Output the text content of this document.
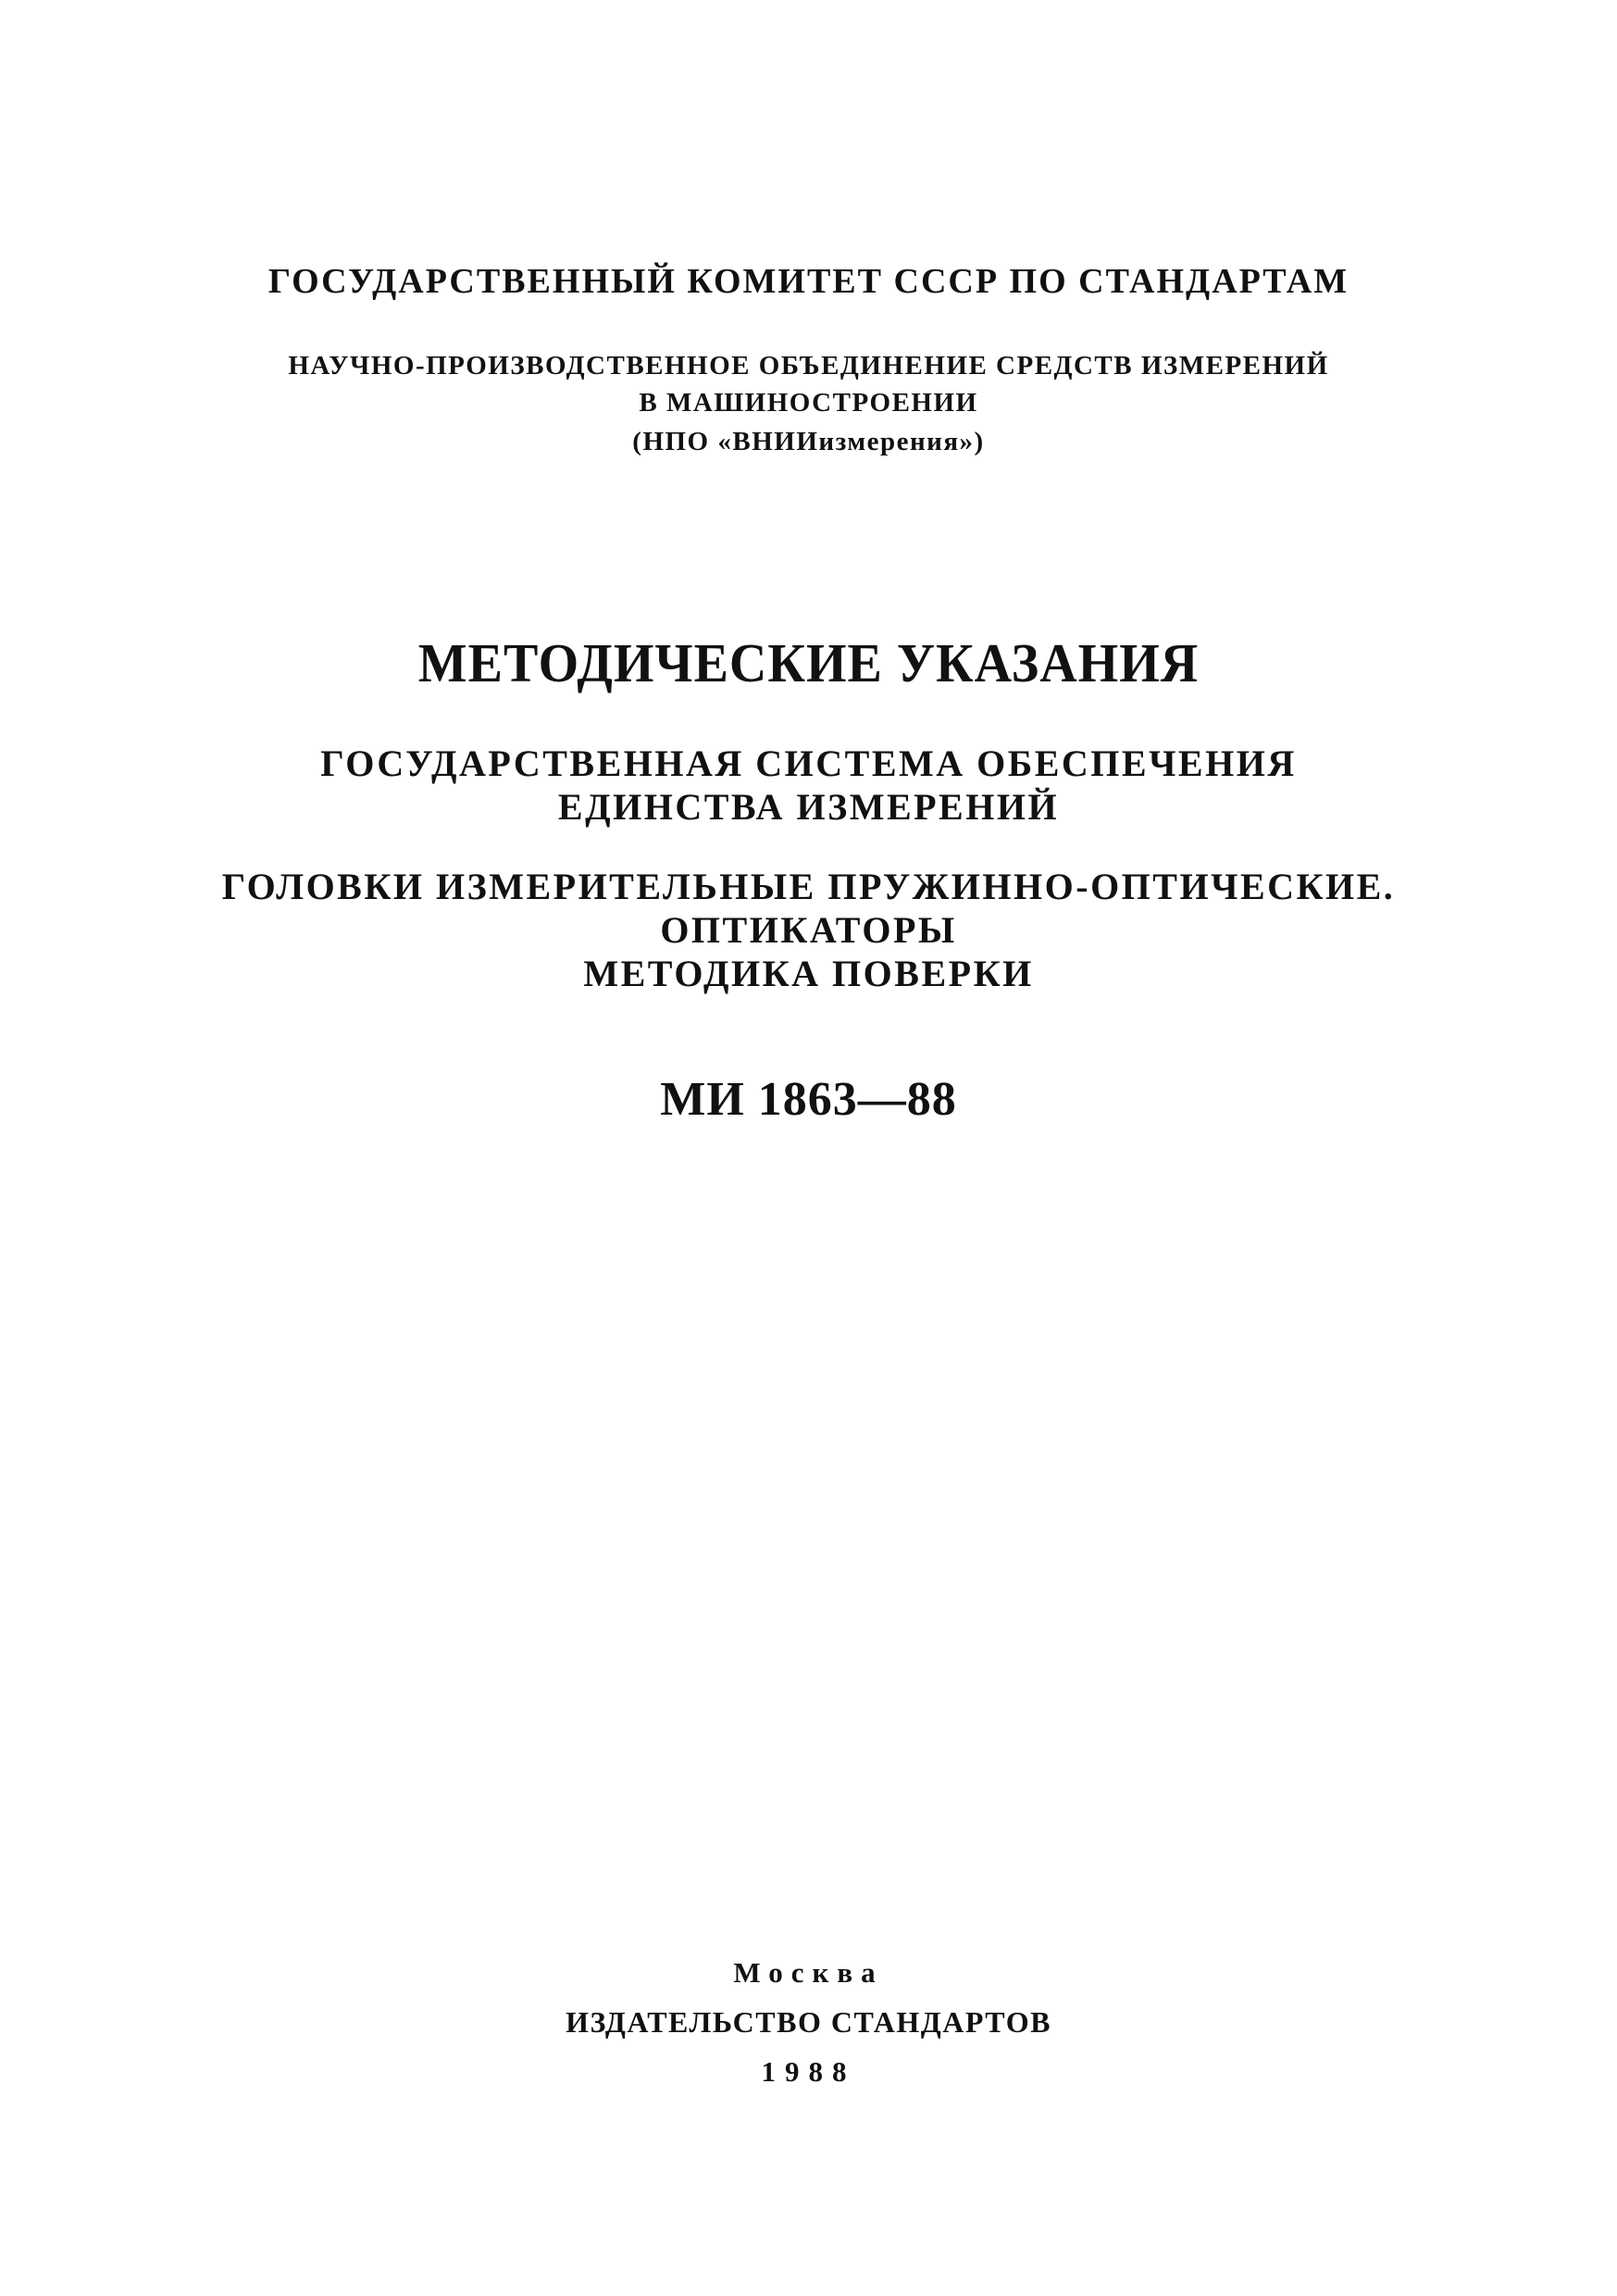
ГОСУДАРСТВЕННЫЙ КОМИТЕТ СССР ПО СТАНДАРТАМ
НАУЧНО-ПРОИЗВОДСТВЕННОЕ ОБЪЕДИНЕНИЕ СРЕДСТВ ИЗМЕРЕНИЙ
В МАШИНОСТРОЕНИИ
(НПО «ВНИИизмерения»)
МЕТОДИЧЕСКИЕ УКАЗАНИЯ
ГОСУДАРСТВЕННАЯ СИСТЕМА ОБЕСПЕЧЕНИЯ
ЕДИНСТВА ИЗМЕРЕНИЙ
ГОЛОВКИ ИЗМЕРИТЕЛЬНЫЕ ПРУЖИННО-ОПТИЧЕСКИЕ.
ОПТИКАТОРЫ
МЕТОДИКА ПОВЕРКИ
МИ 1863—88
Москва
ИЗДАТЕЛЬСТВО СТАНДАРТОВ
1988
